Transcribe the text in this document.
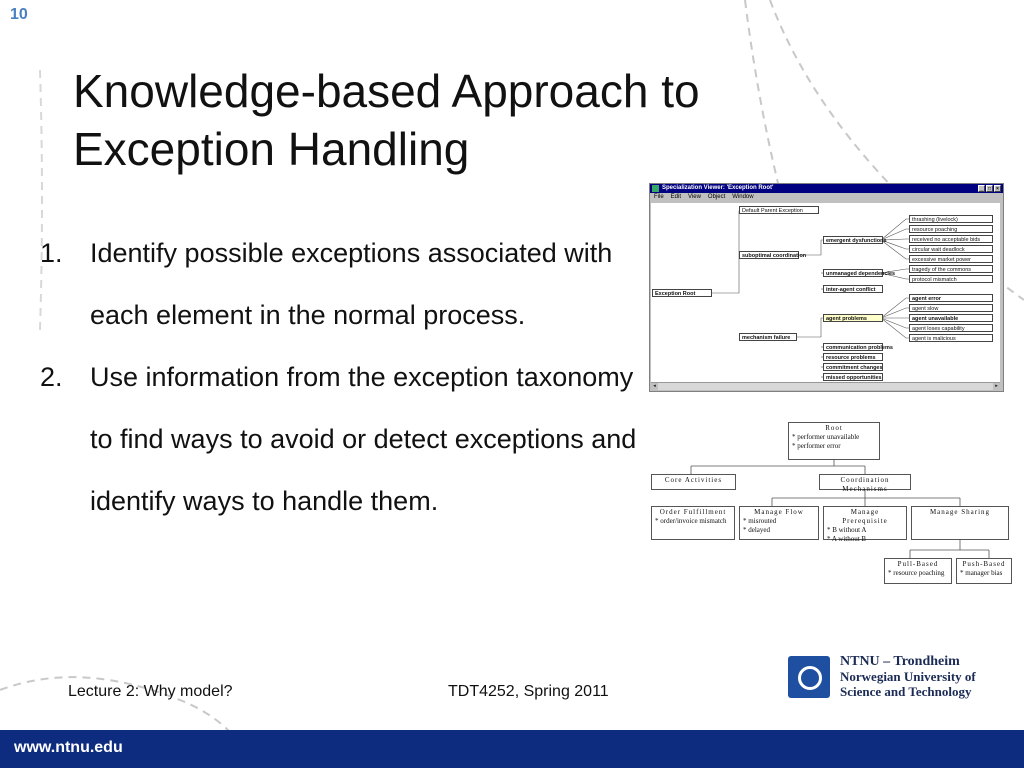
10
Knowledge-based Approach to
Exception Handling
1. Identify possible exceptions associated with each element in the normal process.
2. Use information from the exception taxonomy to find ways to avoid or detect exceptions and identify ways to handle them.
Specialization Viewer: 'Exception Root'	_	□	×
File Edit View Object Window
Exception Root
Default Parent Exception
suboptimal coordination
mechanism failure
emergent dysfunctions
unmanaged dependencies
inter-agent conflict
agent problems
communication problems
resource problems
commitment changes
missed opportunities
thrashing (livelock)
resource poaching
received no acceptable bids
circular wait deadlock
excessive market power
tragedy of the commons
protocol mismatch
agent error
agent slow
agent unavailable
agent loses capability
agent is malicious
◂	▸
Root
* performer unavailable
* performer error
Core Activities	Coordination Mechanisms
Order Fulfillment
* order/invoice mismatch
Manage Flow
* misrouted
* delayed
Manage Prerequisite
* B without A
* A without B
Manage Sharing
Pull-Based
* resource poaching
Push-Based
* manager bias
Lecture 2: Why model?	TDT4252, Spring 2011
NTNU – Trondheim
Norwegian University of
Science and Technology
www.ntnu.edu
